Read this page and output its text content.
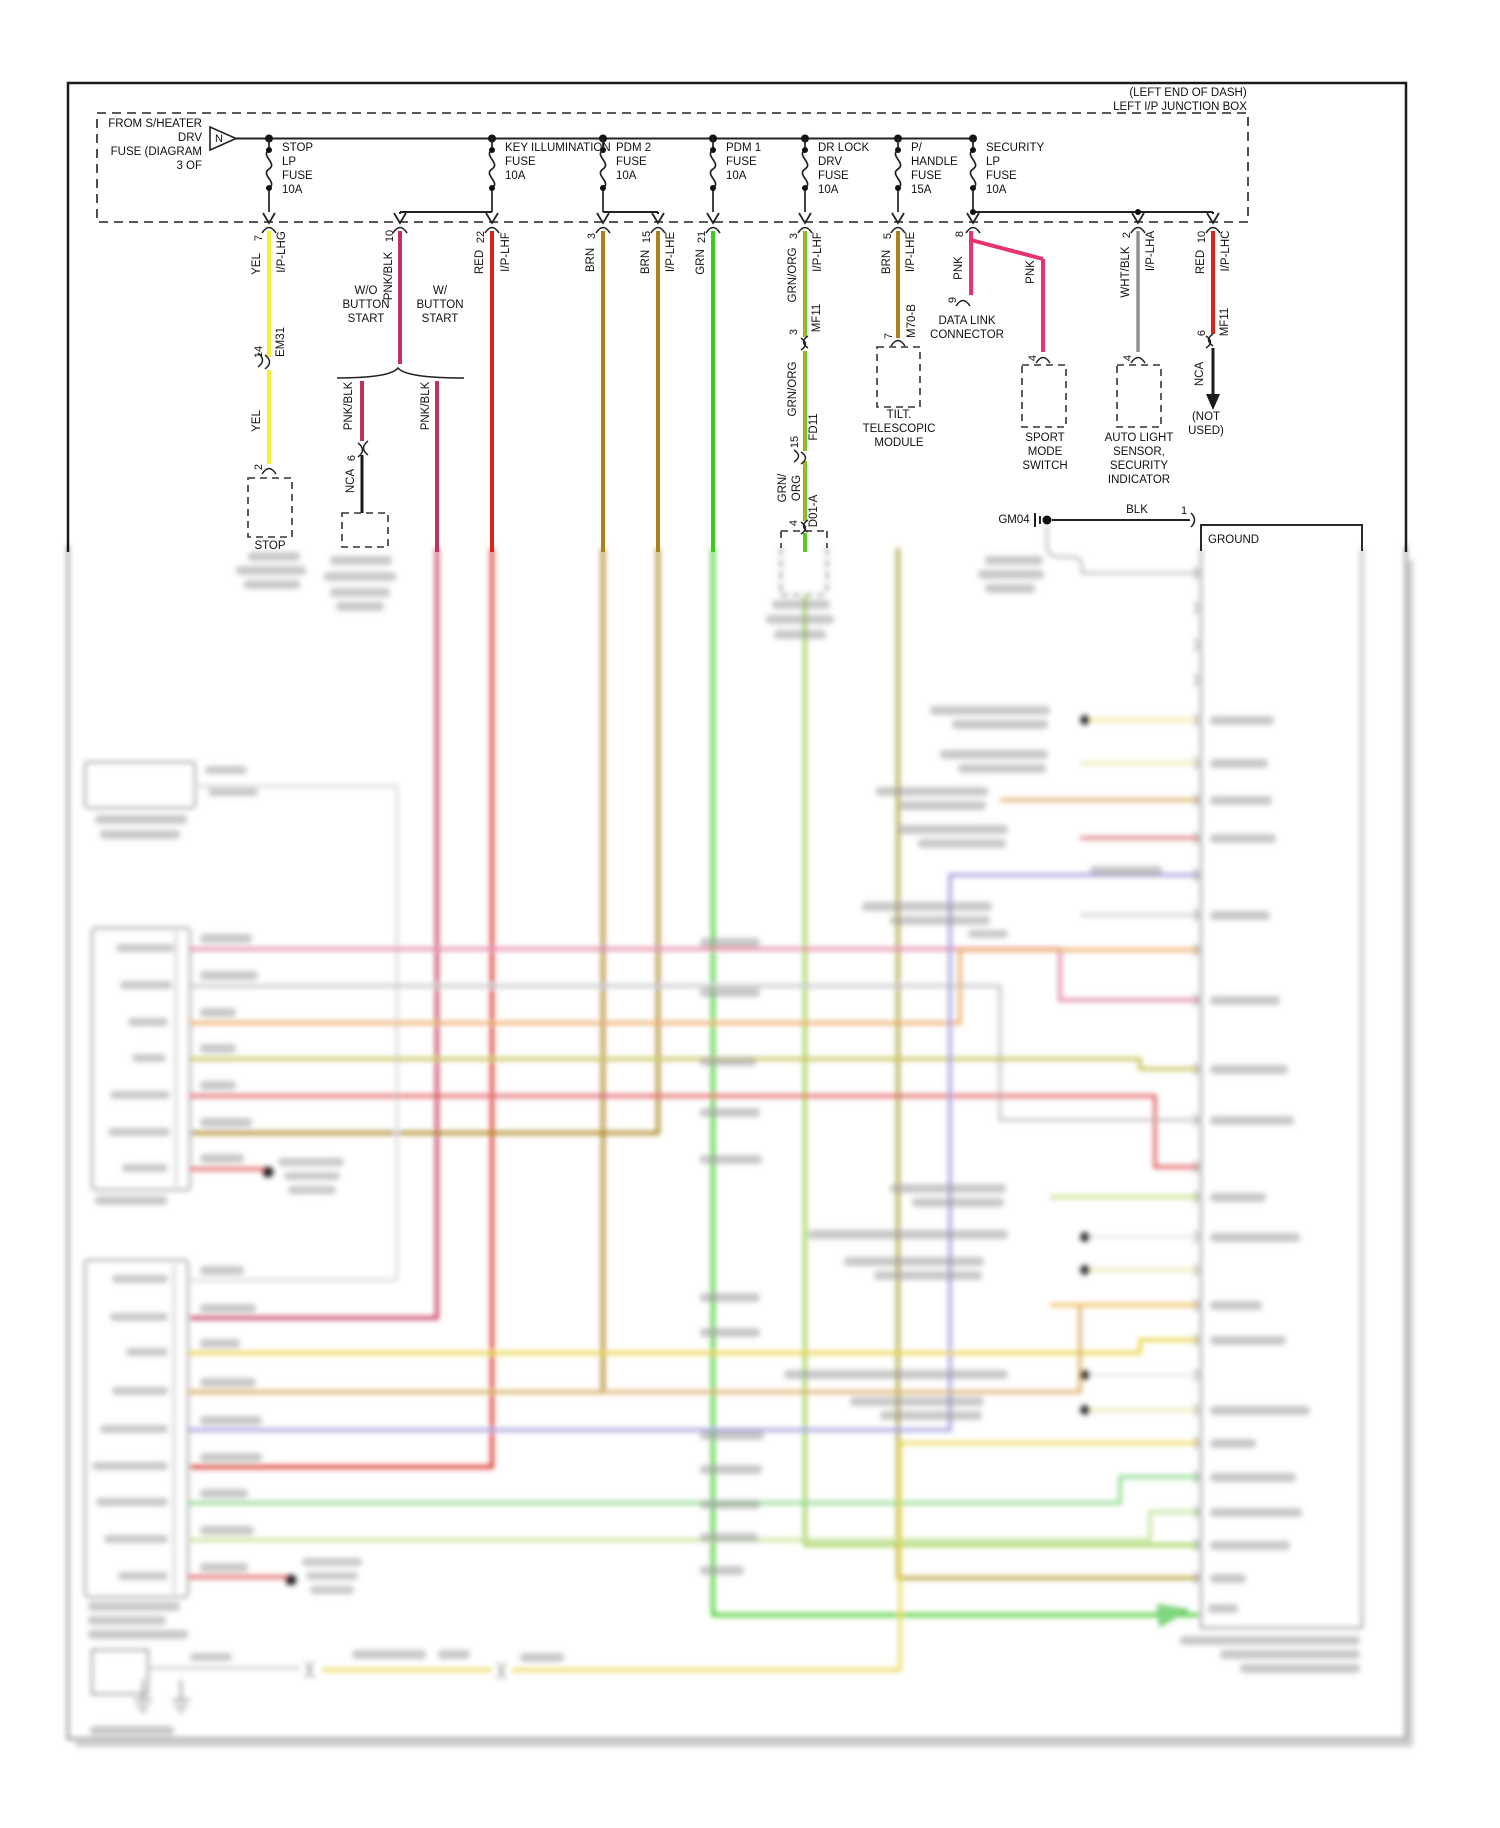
(LEFT END OF DASH)
LEFT I/P JUNCTION BOX
FROM S/HEATER
DRV
FUSE (DIAGRAM
3 OF
N
STOP
LP
FUSE
10A
KEY ILLUMINATION
FUSE
10A
PDM 2
FUSE
10A
PDM 1
FUSE
10A
DR LOCK
DRV
FUSE
10A
P/
HANDLE
FUSE
15A
SECURITY
LP
FUSE
10A
7 I/P-LHG
YEL
14 EM31
YEL
2
STOP
10
PNK/BLK
W/O
BUTTON
START
W/
BUTTON
START
PNK/BLK
6
NCA
PNK/BLK
22 I/P-LHF
RED
3
BRN
15 I/P-LHE
BRN
21
GRN
3 I/P-LHF
GRN/ORG
MF11
3
GRN/ORG
FD11
15
GRN/ ORG
4 D01-A
5 I/P-LHE
BRN
M70-B
7
TILT.
TELESCOPIC
MODULE
8
PNK	PNK
9
DATA LINK
CONNECTOR
4
SPORT
MODE
SWITCH
2 I/P-LHA
WHT/BLK
4
AUTO LIGHT
SENSOR,
SECURITY
INDICATOR
10 I/P-LHC
RED
MF11
6
NCA
(NOT
USED)
GM04
BLK	1
GROUND
